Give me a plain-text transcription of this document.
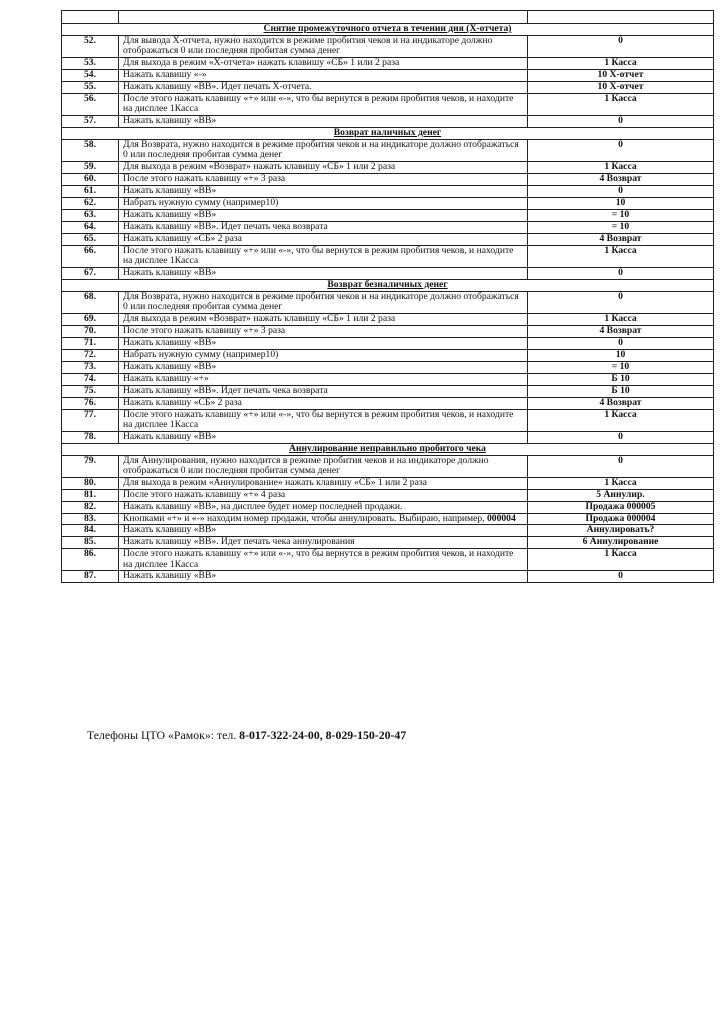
Снятие промежуточного отчета в течении дня (Х-отчета)		
52.	Для вывода Х-отчета, нужно находится в режиме пробития чеков и на индикаторе должно отображаться 0 или последняя пробитая сумма денег	0
53.	Для выхода в режим «Х-отчета» нажать клавишу «СБ» 1 или 2 раза	1 Касса
54.	Нажать клавишу «-»	10 Х-отчет
55.	Нажать клавишу «ВВ». Идет печать Х-отчета.	10 Х-отчет
56.	После этого нажать клавишу «+» или «-», что бы вернутся в режим пробития чеков, и находите на дисплее 1Касса	1 Касса
57.	Нажать клавишу «ВВ»	0
Возврат наличных денег		
58.	Для Возврата, нужно находится в режиме пробития чеков и на индикаторе должно отображаться 0 или последняя пробитая сумма денег	0
59.	Для выхода в режим «Возврат» нажать клавишу «СБ» 1 или 2 раза	1 Касса
60.	После этого нажать клавишу «+» 3 раза	4 Возврат
61.	Нажать клавишу «ВВ»	0
62.	Набрать нужную сумму (например10)	10
63.	Нажать клавишу «ВВ»	= 10
64.	Нажать клавишу «ВВ». Идет печать чека возврата	= 10
65.	Нажать клавишу «СБ» 2 раза	4 Возврат
66.	После этого нажать клавишу «+» или «-», что бы вернутся в режим пробития чеков, и находите на дисплее 1Касса	1 Касса
67.	Нажать клавишу «ВВ»	0
Возврат безналичных денег		
68.	Для Возврата, нужно находится в режиме пробития чеков и на индикаторе должно отображаться 0 или последняя пробитая сумма денег	0
69.	Для выхода в режим «Возврат» нажать клавишу «СБ» 1 или 2 раза	1 Касса
70.	После этого нажать клавишу «+» 3 раза	4 Возврат
71.	Нажать клавишу «ВВ»	0
72.	Набрать нужную сумму (например10)	10
73.	Нажать клавишу «ВВ»	= 10
74.	Нажать клавишу «+»	Б 10
75.	Нажать клавишу «ВВ». Идет печать чека возврата	Б 10
76.	Нажать клавишу «СБ» 2 раза	4 Возврат
77.	После этого нажать клавишу «+» или «-», что бы вернутся в режим пробития чеков, и находите на дисплее 1Касса	1 Касса
78.	Нажать клавишу «ВВ»	0
Аннулирование неправильно пробитого чека		
79.	Для Аннулирования, нужно находится в режиме пробития чеков и на индикаторе должно отображаться 0 или последняя пробитая сумма денег	0
80.	Для выхода в режим «Аннулирование» нажать клавишу «СБ» 1 или 2 раза	1 Касса
81.	После этого нажать клавишу «+» 4 раза	5 Аннулир.
82.	Нажать клавишу «ВВ», на дисплее будет номер последней продажи.	Продажа 000005
83.	Кнопками «+» и «-» находим номер продажи, чтобы аннулировать. Выбираю, например, 000004	Продажа 000004
84.	Нажать клавишу «ВВ»	Аннулировать?
85.	Нажать клавишу «ВВ». Идет печать чека аннулирования	6 Аннулирование
86.	После этого нажать клавишу «+» или «-», что бы вернутся в режим пробития чеков, и находите на дисплее 1Касса	1 Касса
87.	Нажать клавишу «ВВ»	0
Телефоны ЦТО «Рамок»: тел. 8-017-322-24-00, 8-029-150-20-47
